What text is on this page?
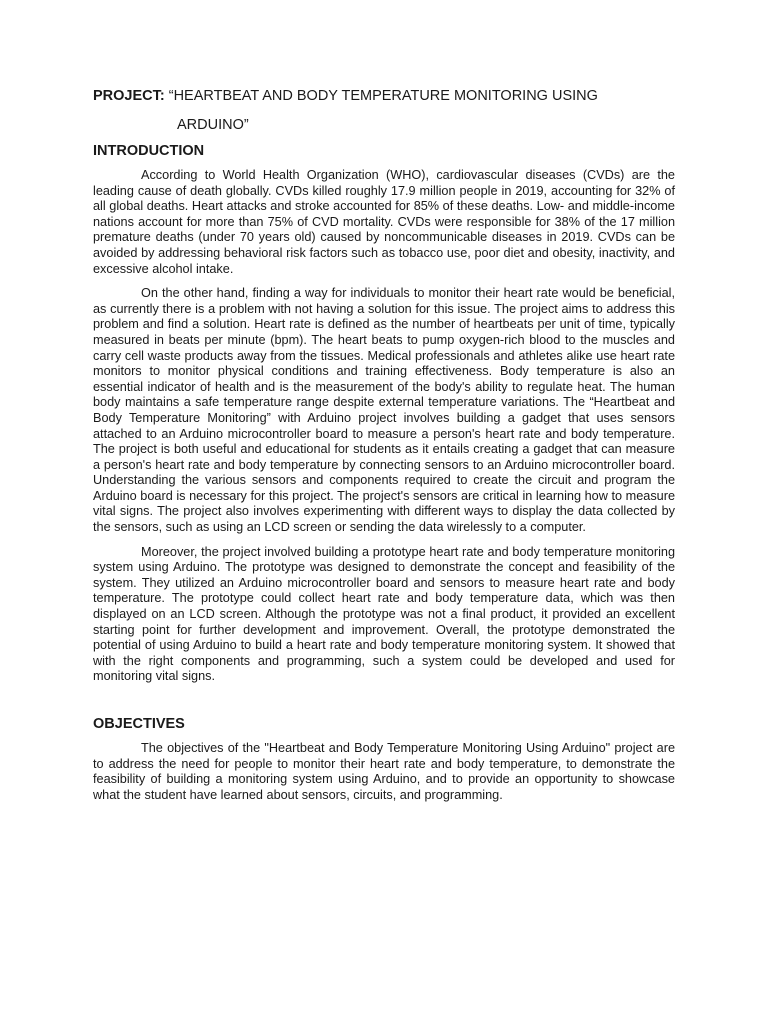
PROJECT: “HEARTBEAT AND BODY TEMPERATURE MONITORING USING

ARDUINO”

INTRODUCTION

According to World Health Organization (WHO), cardiovascular diseases (CVDs) are the leading cause of death globally. CVDs killed roughly 17.9 million people in 2019, accounting for 32% of all global deaths. Heart attacks and stroke accounted for 85% of these deaths. Low- and middle-income nations account for more than 75% of CVD mortality. CVDs were responsible for 38% of the 17 million premature deaths (under 70 years old) caused by noncommunicable diseases in 2019. CVDs can be avoided by addressing behavioral risk factors such as tobacco use, poor diet and obesity, inactivity, and excessive alcohol intake.

On the other hand, finding a way for individuals to monitor their heart rate would be beneficial, as currently there is a problem with not having a solution for this issue. The project aims to address this problem and find a solution. Heart rate is defined as the number of heartbeats per unit of time, typically measured in beats per minute (bpm). The heart beats to pump oxygen-rich blood to the muscles and carry cell waste products away from the tissues. Medical professionals and athletes alike use heart rate monitors to monitor physical conditions and training effectiveness. Body temperature is also an essential indicator of health and is the measurement of the body's ability to regulate heat. The human body maintains a safe temperature range despite external temperature variations. The “Heartbeat and Body Temperature Monitoring” with Arduino project involves building a gadget that uses sensors attached to an Arduino microcontroller board to measure a person's heart rate and body temperature. The project is both useful and educational for students as it entails creating a gadget that can measure a person's heart rate and body temperature by connecting sensors to an Arduino microcontroller board. Understanding the various sensors and components required to create the circuit and program the Arduino board is necessary for this project. The project's sensors are critical in learning how to measure vital signs. The project also involves experimenting with different ways to display the data collected by the sensors, such as using an LCD screen or sending the data wirelessly to a computer.

Moreover, the project involved building a prototype heart rate and body temperature monitoring system using Arduino. The prototype was designed to demonstrate the concept and feasibility of the system. They utilized an Arduino microcontroller board and sensors to measure heart rate and body temperature. The prototype could collect heart rate and body temperature data, which was then displayed on an LCD screen. Although the prototype was not a final product, it provided an excellent starting point for further development and improvement. Overall, the prototype demonstrated the potential of using Arduino to build a heart rate and body temperature monitoring system. It showed that with the right components and programming, such a system could be developed and used for monitoring vital signs.

OBJECTIVES

The objectives of the "Heartbeat and Body Temperature Monitoring Using Arduino" project are to address the need for people to monitor their heart rate and body temperature, to demonstrate the feasibility of building a monitoring system using Arduino, and to provide an opportunity to showcase what the student have learned about sensors, circuits, and programming.
